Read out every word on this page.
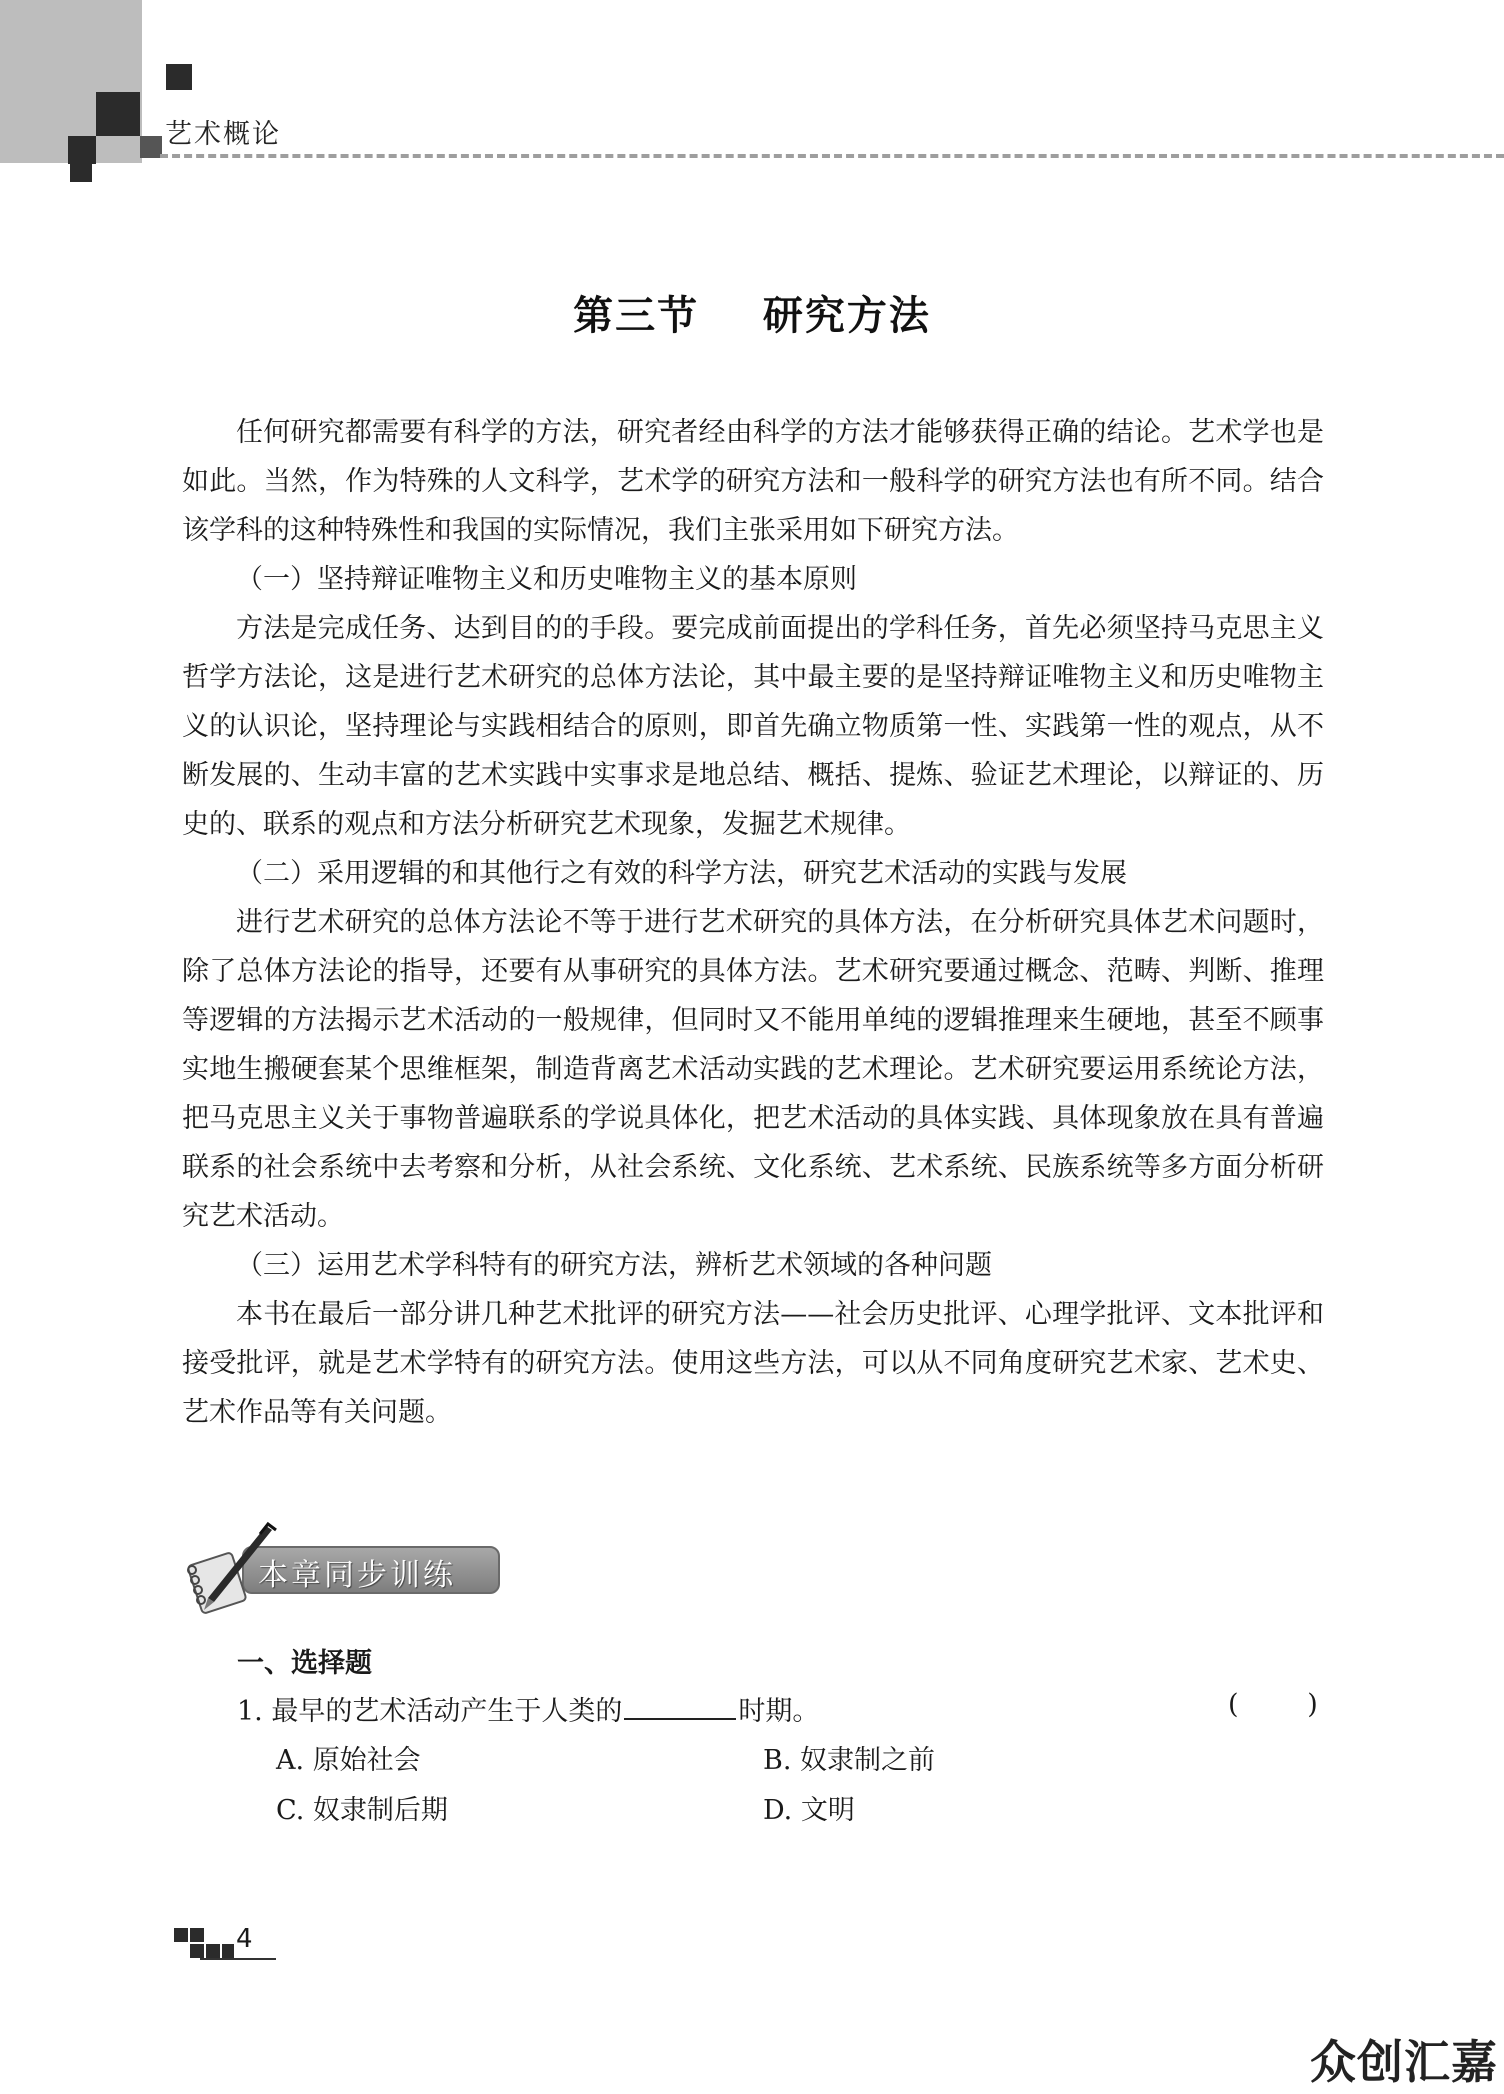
艺术概论
第三节    研究方法

任何研究都需要有科学的方法，研究者经由科学的方法才能够获得正确的结论。艺术学也是如此。当然，作为特殊的人文科学，艺术学的研究方法和一般科学的研究方法也有所不同。结合该学科的这种特殊性和我国的实际情况，我们主张采用如下研究方法。

（一）坚持辩证唯物主义和历史唯物主义的基本原则

方法是完成任务、达到目的的手段。要完成前面提出的学科任务，首先必须坚持马克思主义哲学方法论，这是进行艺术研究的总体方法论，其中最主要的是坚持辩证唯物主义和历史唯物主义的认识论，坚持理论与实践相结合的原则，即首先确立物质第一性、实践第一性的观点，从不断发展的、生动丰富的艺术实践中实事求是地总结、概括、提炼、验证艺术理论，以辩证的、历史的、联系的观点和方法分析研究艺术现象，发掘艺术规律。

（二）采用逻辑的和其他行之有效的科学方法，研究艺术活动的实践与发展

进行艺术研究的总体方法论不等于进行艺术研究的具体方法，在分析研究具体艺术问题时，除了总体方法论的指导，还要有从事研究的具体方法。艺术研究要通过概念、范畴、判断、推理等逻辑的方法揭示艺术活动的一般规律，但同时又不能用单纯的逻辑推理来生硬地，甚至不顾事实地生搬硬套某个思维框架，制造背离艺术活动实践的艺术理论。艺术研究要运用系统论方法，把马克思主义关于事物普遍联系的学说具体化，把艺术活动的具体实践、具体现象放在具有普遍联系的社会系统中去考察和分析，从社会系统、文化系统、艺术系统、民族系统等多方面分析研究艺术活动。

（三）运用艺术学科特有的研究方法，辨析艺术领域的各种问题

本书在最后一部分讲几种艺术批评的研究方法——社会历史批评、心理学批评、文本批评和接受批评，就是艺术学特有的研究方法。使用这些方法，可以从不同角度研究艺术家、艺术史、艺术作品等有关问题。

本章同步训练
一、选择题
1. 最早的艺术活动产生于人类的	时期。	(        )
A. 原始社会	B. 奴隶制之前
C. 奴隶制后期	D. 文明
4
众创汇嘉
